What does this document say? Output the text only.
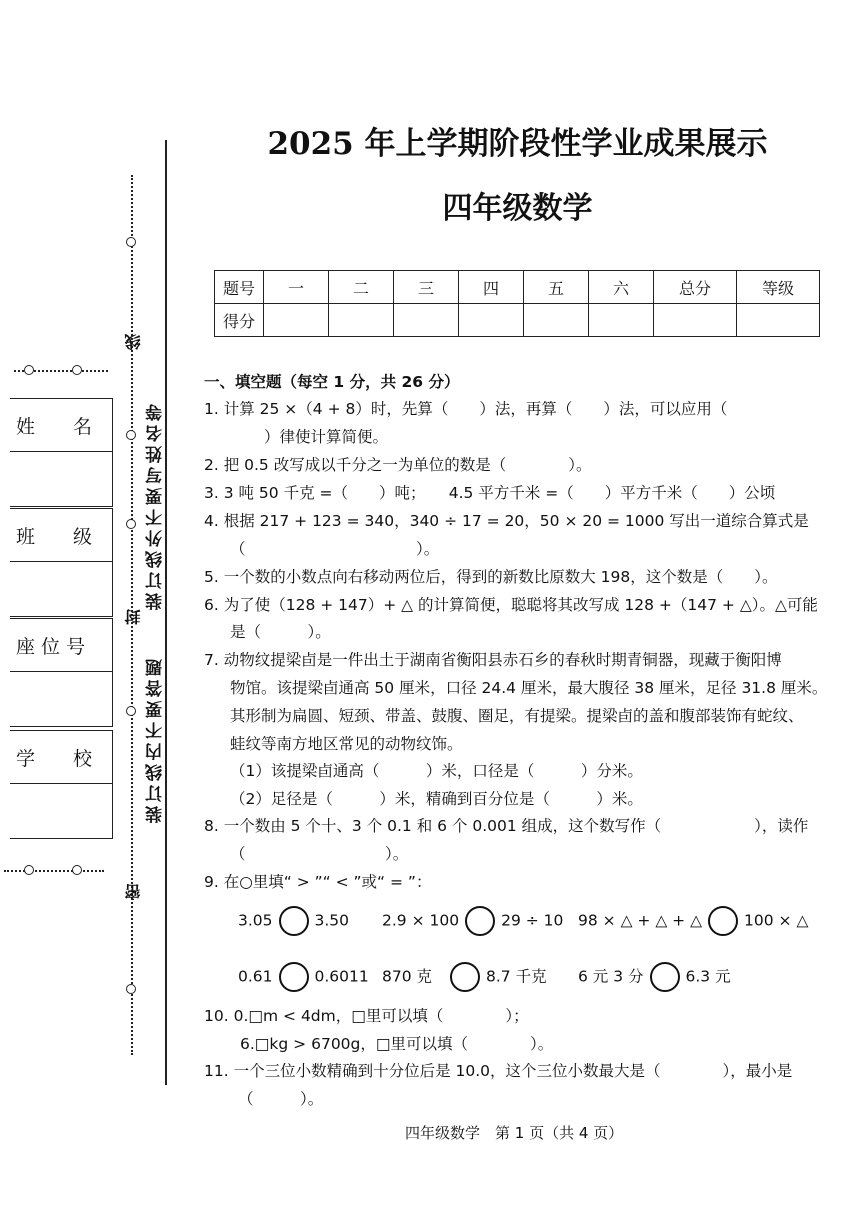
线
封
密
装订线外不要写姓名等
装订线内不要答题
姓　　名
班　　级
座 位 号
学　　校
2025 年上学期阶段性学业成果展示
四年级数学
题号	一	二	三	四	五	六	总分	等级
得分								
一、填空题（每空 1 分，共 26 分）
1. 计算 25 ×（4 + 8）时，先算（　　）法，再算（　　）法，可以应用（
）律使计算简便。
2. 把 0.5 改写成以千分之一为单位的数是（　　　　）。
3. 3 吨 50 千克 =（　　）吨；　　4.5 平方千米 =（　　）平方千米（　　）公顷
4. 根据 217 + 123 = 340，340 ÷ 17 = 20，50 × 20 = 1000 写出一道综合算式是
（　　　　　　　　　　　）。
5. 一个数的小数点向右移动两位后，得到的新数比原数大 198，这个数是（　　）。
6. 为了使（128 + 147）+ △ 的计算简便，聪聪将其改写成 128 +（147 + △）。△可能
是（　　　）。
7. 动物纹提梁卣是一件出土于湖南省衡阳县赤石乡的春秋时期青铜器，现藏于衡阳博
物馆。该提梁卣通高 50 厘米，口径 24.4 厘米，最大腹径 38 厘米，足径 31.8 厘米。
其形制为扁圆、短颈、带盖、鼓腹、圈足，有提梁。提梁卣的盖和腹部装饰有蛇纹、
蛙纹等南方地区常见的动物纹饰。
（1）该提梁卣通高（　　　）米，口径是（　　　）分米。
（2）足径是（　　　）米，精确到百分位是（　　　）米。
8. 一个数由 5 个十、3 个 0.1 和 6 个 0.001 组成，这个数写作（　　　　　　），读作
（　　　　　　　　　）。
9. 在○里填“ > ”“ < ”或“ = ”：
3.05	3.50 2.9 × 100	29 ÷ 10 98 × △ + △ + △	100 × △
0.61	0.6011 870 克	8.7 千克 6 元 3 分	6.3 元
10. 0.□m < 4dm，□里可以填（　　　　）；
6.□kg > 6700g，□里可以填（　　　　）。
11. 一个三位小数精确到十分位后是 10.0，这个三位小数最大是（　　　　），最小是
（　　　）。
四年级数学　第 1 页（共 4 页）
